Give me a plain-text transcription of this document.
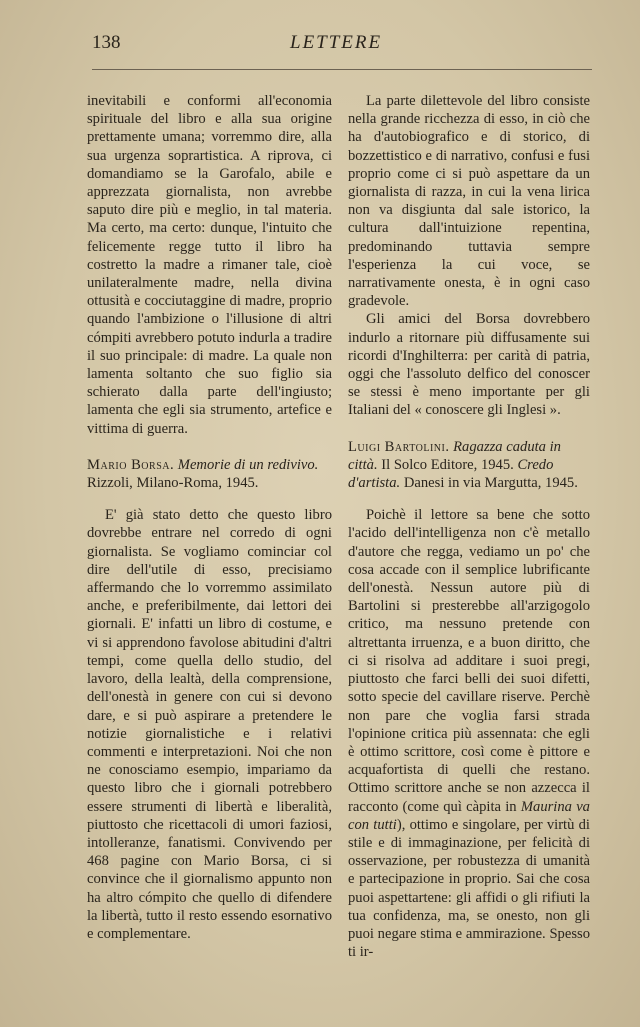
138	LETTERE

inevitabili e conformi all'economia spirituale del libro e alla sua origine prettamente umana; vorremmo dire, alla sua urgenza soprartistica. A riprova, ci domandiamo se la Garofalo, abile e apprezzata giornalista, non avrebbe saputo dire più e meglio, in tal materia. Ma certo, ma certo: dunque, l'intuito che felicemente regge tutto il libro ha costretto la madre a rimaner tale, cioè unilateralmente madre, nella divina ottusità e cocciutaggine di madre, proprio quando l'ambizione o l'illusione di altri cómpiti avrebbero potuto indurla a tradire il suo principale: di madre. La quale non lamenta soltanto che suo figlio sia schierato dalla parte dell'ingiusto; lamenta che egli sia strumento, artefice e vittima di guerra.

Mario Borsa. Memorie di un redivivo. Rizzoli, Milano-Roma, 1945.

E' già stato detto che questo libro dovrebbe entrare nel corredo di ogni giornalista. Se vogliamo cominciar col dire dell'utile di esso, precisiamo affermando che lo vorremmo assimilato anche, e preferibilmente, dai lettori dei giornali. E' infatti un libro di costume, e vi si apprendono favolose abitudini d'altri tempi, come quella dello studio, del lavoro, della lealtà, della comprensione, dell'onestà in genere con cui si devono dare, e si può aspirare a pretendere le notizie giornalistiche e i relativi commenti e interpretazioni. Noi che non ne conosciamo esempio, impariamo da questo libro che i giornali potrebbero essere strumenti di libertà e liberalità, piuttosto che ricettacoli di umori faziosi, intolleranze, fanatismi. Convivendo per 468 pagine con Mario Borsa, ci si convince che il giornalismo appunto non ha altro cómpito che quello di difendere la libertà, tutto il resto essendo esornativo e complementare.

La parte dilettevole del libro consiste nella grande ricchezza di esso, in ciò che ha d'autobiografico e di storico, di bozzettistico e di narrativo, confusi e fusi proprio come ci si può aspettare da un giornalista di razza, in cui la vena lirica non va disgiunta dal sale istorico, la cultura dall'intuizione repentina, predominando tuttavia sempre l'esperienza la cui voce, se narrativamente onesta, è in ogni caso gradevole.

Gli amici del Borsa dovrebbero indurlo a ritornare più diffusamente sui ricordi d'Inghilterra: per carità di patria, oggi che l'assoluto delfico del conoscer se stessi è meno importante per gli Italiani del « conoscere gli Inglesi ».

Luigi Bartolini. Ragazza caduta in città. Il Solco Editore, 1945. Credo d'artista. Danesi in via Margutta, 1945.

Poichè il lettore sa bene che sotto l'acido dell'intelligenza non c'è metallo d'autore che regga, vediamo un po' che cosa accade con il semplice lubrificante dell'onestà. Nessun autore più di Bartolini si presterebbe all'arzigogolo critico, ma nessuno pretende con altrettanta irruenza, e a buon diritto, che ci si risolva ad additare i suoi pregi, piuttosto che farci belli dei suoi difetti, sotto specie del cavillare riserve. Perchè non pare che voglia farsi strada l'opinione critica più assennata: che egli è ottimo scrittore, così come è pittore e acquafortista di quelli che restano. Ottimo scrittore anche se non azzecca il racconto (come quì càpita in Maurina va con tutti), ottimo e singolare, per virtù di stile e di immaginazione, per felicità di osservazione, per robustezza di umanità e partecipazione in proprio. Sai che cosa puoi aspettartene: gli affidi o gli rifiuti la tua confidenza, ma, se onesto, non gli puoi negare stima e ammirazione. Spesso ti ir-
